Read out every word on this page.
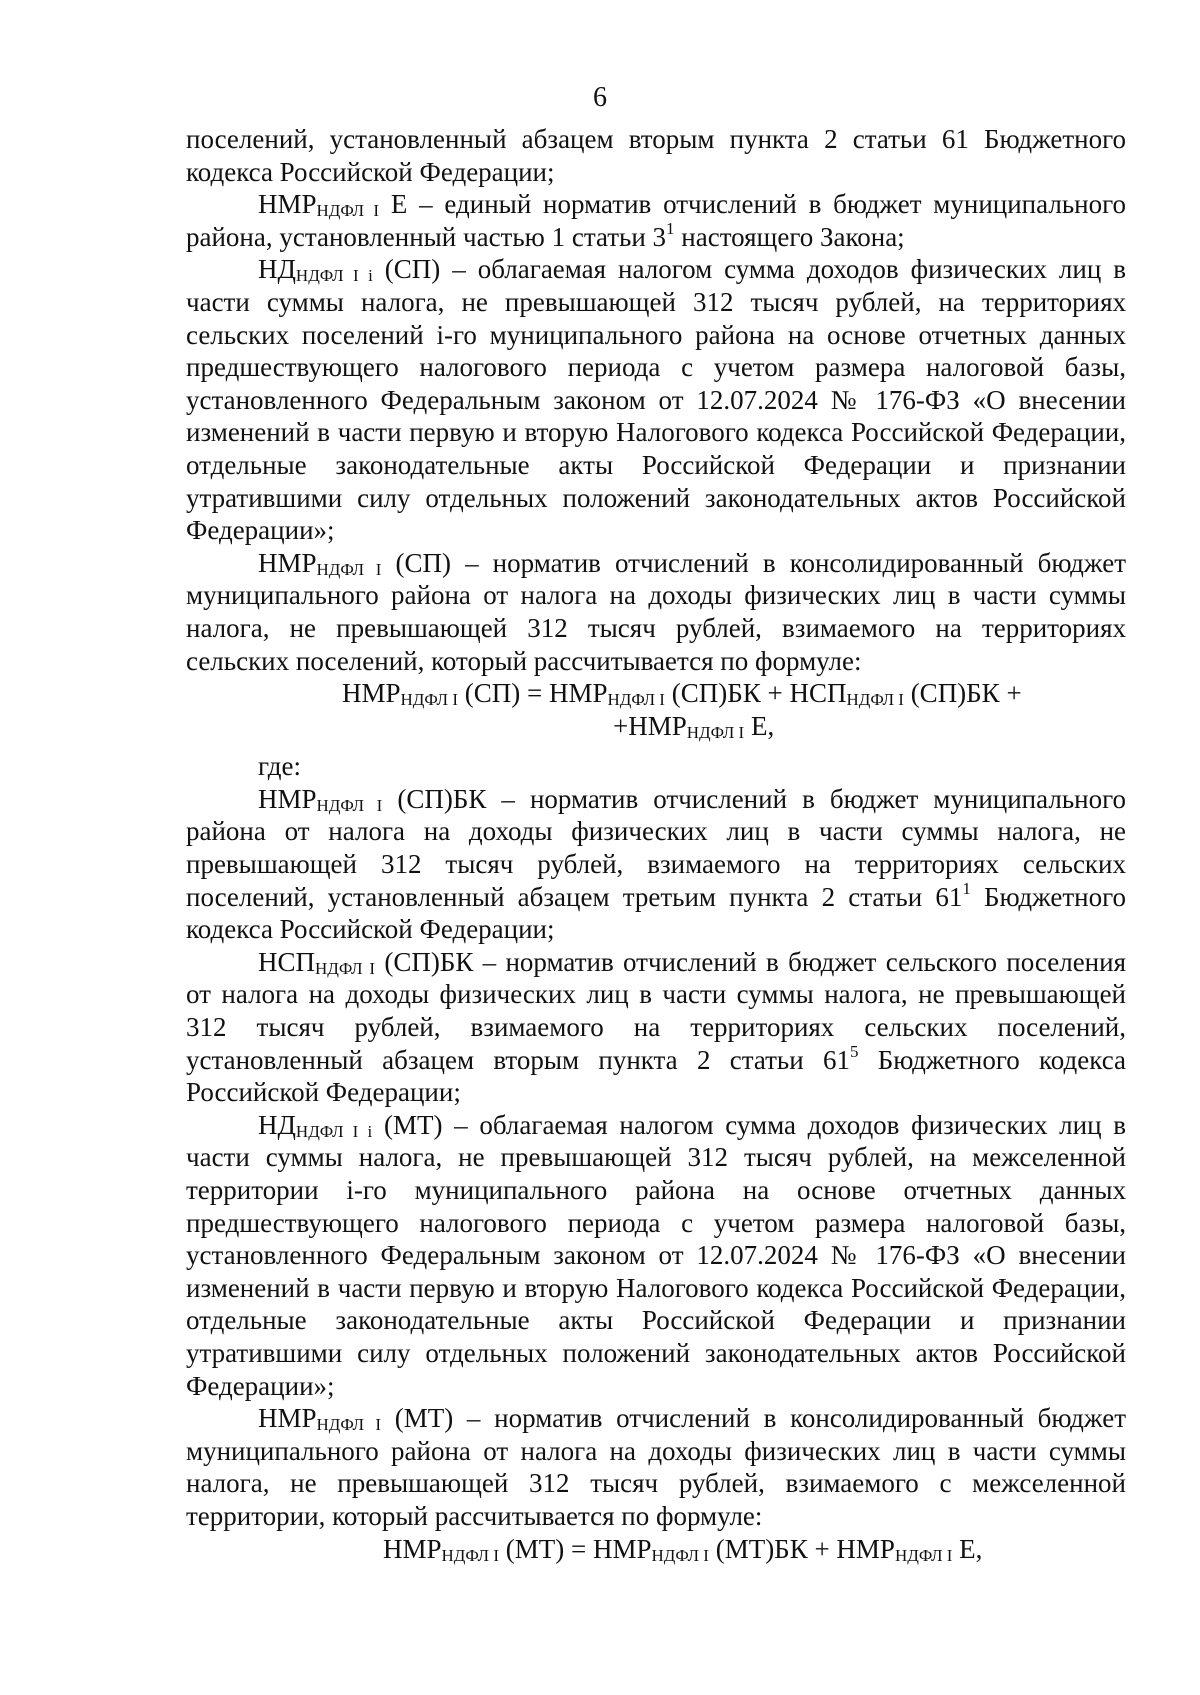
6

поселений, установленный абзацем вторым пункта 2 статьи 61 Бюджетного кодекса Российской Федерации;

$НМР_{НДФЛ I}$ Е – единый норматив отчислений в бюджет муниципального района, установленный частью 1 статьи $3^1$ настоящего Закона;

$НД_{НДФЛ I i}$ (СП) – облагаемая налогом сумма доходов физических лиц в части суммы налога, не превышающей 312 тысяч рублей, на территориях сельских поселений i-го муниципального района на основе отчетных данных предшествующего налогового периода с учетом размера налоговой базы, установленного Федеральным законом от 12.07.2024 № 176-ФЗ «О внесении изменений в части первую и вторую Налогового кодекса Российской Федерации, отдельные законодательные акты Российской Федерации и признании утратившими силу отдельных положений законодательных актов Российской Федерации»;

$НМР_{НДФЛ I}$ (СП) – норматив отчислений в консолидированный бюджет муниципального района от налога на доходы физических лиц в части суммы налога, не превышающей 312 тысяч рублей, взимаемого на территориях сельских поселений, который рассчитывается по формуле:

$НМР_{НДФЛ I}$ $(СП) = НМР_{НДФЛ I}$ $(СП)БК + НСП_{НДФЛ I}$ (СП)БК +

$+НМР_{НДФЛ I}$ Е,

где:

$НМР_{НДФЛ I}$ (СП)БК – норматив отчислений в бюджет муниципального района от налога на доходы физических лиц в части суммы налога, не превышающей 312 тысяч рублей, взимаемого на территориях сельских поселений, установленный абзацем третьим пункта 2 статьи $61^1$ Бюджетного кодекса Российской Федерации;

$НСП_{НДФЛ I}$ (СП)БК – норматив отчислений в бюджет сельского поселения от налога на доходы физических лиц в части суммы налога, не превышающей 312 тысяч рублей, взимаемого на территориях сельских поселений, установленный абзацем вторым пункта 2 статьи $61^5$ Бюджетного кодекса Российской Федерации;

$НД_{НДФЛ I i}$ (МТ) – облагаемая налогом сумма доходов физических лиц в части суммы налога, не превышающей 312 тысяч рублей, на межселенной территории i-го муниципального района на основе отчетных данных предшествующего налогового периода с учетом размера налоговой базы, установленного Федеральным законом от 12.07.2024 № 176-ФЗ «О внесении изменений в части первую и вторую Налогового кодекса Российской Федерации, отдельные законодательные акты Российской Федерации и признании утратившими силу отдельных положений законодательных актов Российской Федерации»;

$НМР_{НДФЛ I}$ (МТ) – норматив отчислений в консолидированный бюджет муниципального района от налога на доходы физических лиц в части суммы налога, не превышающей 312 тысяч рублей, взимаемого с межселенной территории, который рассчитывается по формуле:

$НМР_{НДФЛ I}$ $(МТ) = НМР_{НДФЛ I}$ $(МТ)БК + НМР_{НДФЛ I}$ Е,
